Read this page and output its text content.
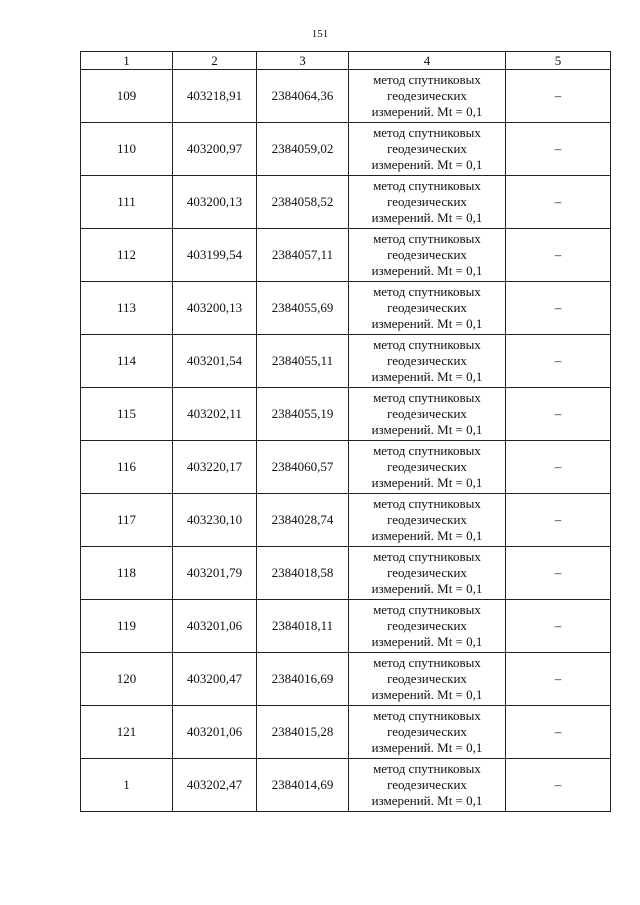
151
1	2	3	4	5
109	403218,91	2384064,36	метод спутниковых
геодезических
измерений. Mt = 0,1	–
110	403200,97	2384059,02	метод спутниковых
геодезических
измерений. Mt = 0,1	–
111	403200,13	2384058,52	метод спутниковых
геодезических
измерений. Mt = 0,1	–
112	403199,54	2384057,11	метод спутниковых
геодезических
измерений. Mt = 0,1	–
113	403200,13	2384055,69	метод спутниковых
геодезических
измерений. Mt = 0,1	–
114	403201,54	2384055,11	метод спутниковых
геодезических
измерений. Mt = 0,1	–
115	403202,11	2384055,19	метод спутниковых
геодезических
измерений. Mt = 0,1	–
116	403220,17	2384060,57	метод спутниковых
геодезических
измерений. Mt = 0,1	–
117	403230,10	2384028,74	метод спутниковых
геодезических
измерений. Mt = 0,1	–
118	403201,79	2384018,58	метод спутниковых
геодезических
измерений. Mt = 0,1	–
119	403201,06	2384018,11	метод спутниковых
геодезических
измерений. Mt = 0,1	–
120	403200,47	2384016,69	метод спутниковых
геодезических
измерений. Mt = 0,1	–
121	403201,06	2384015,28	метод спутниковых
геодезических
измерений. Mt = 0,1	–
1	403202,47	2384014,69	метод спутниковых
геодезических
измерений. Mt = 0,1	–
